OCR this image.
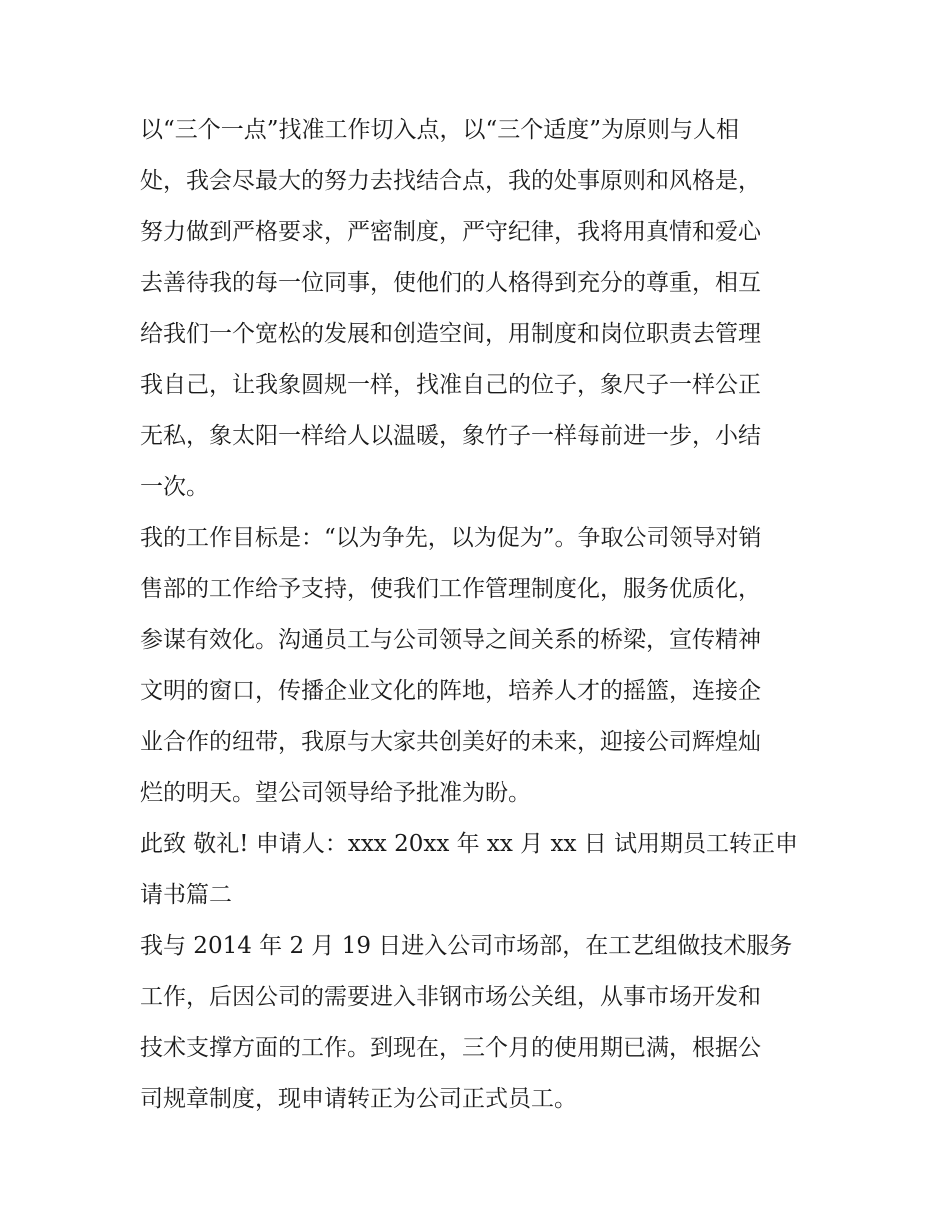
以“三个一点”找准工作切入点，以“三个适度”为原则与人相
处，我会尽最大的努力去找结合点，我的处事原则和风格是，
努力做到严格要求，严密制度，严守纪律，我将用真情和爱心
去善待我的每一位同事，使他们的人格得到充分的尊重，相互
给我们一个宽松的发展和创造空间，用制度和岗位职责去管理
我自己，让我象圆规一样，找准自己的位子，象尺子一样公正
无私，象太阳一样给人以温暖，象竹子一样每前进一步，小结
一次。
我的工作目标是：“以为争先，以为促为”。争取公司领导对销
售部的工作给予支持，使我们工作管理制度化，服务优质化，
参谋有效化。沟通员工与公司领导之间关系的桥梁，宣传精神
文明的窗口，传播企业文化的阵地，培养人才的摇篮，连接企
业合作的纽带，我原与大家共创美好的未来，迎接公司辉煌灿
烂的明天。望公司领导给予批准为盼。
此致 敬礼! 申请人：xxx 20xx 年 xx 月 xx 日 试用期员工转正申
请书篇二
我与 2014 年 2 月 19 日进入公司市场部，在工艺组做技术服务
工作，后因公司的需要进入非钢市场公关组，从事市场开发和
技术支撑方面的工作。到现在，三个月的使用期已满，根据公
司规章制度，现申请转正为公司正式员工。
